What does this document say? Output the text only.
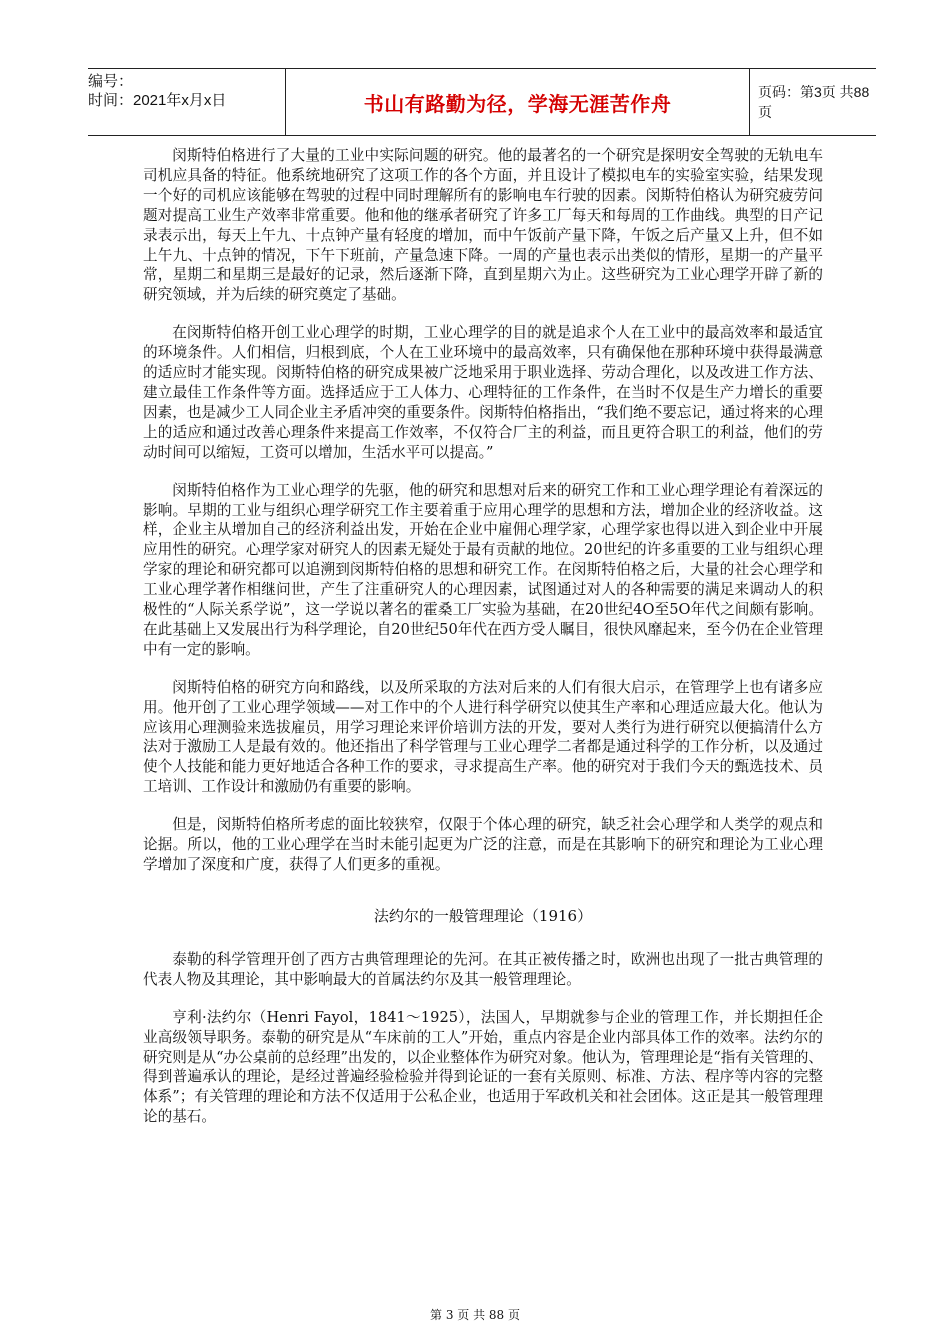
编号：
时间：2021年x月x日	书山有路勤为径，学海无涯苦作舟	页码：第3页 共88页

闵斯特伯格进行了大量的工业中实际问题的研究。他的最著名的一个研究是探明安全驾驶的无轨电车司机应具备的特征。他系统地研究了这项工作的各个方面，并且设计了模拟电车的实验室实验，结果发现一个好的司机应该能够在驾驶的过程中同时理解所有的影响电车行驶的因素。闵斯特伯格认为研究疲劳问题对提高工业生产效率非常重要。他和他的继承者研究了许多工厂每天和每周的工作曲线。典型的日产记录表示出，每天上午九、十点钟产量有轻度的增加，而中午饭前产量下降，午饭之后产量又上升，但不如上午九、十点钟的情况，下午下班前，产量急速下降。一周的产量也表示出类似的情形，星期一的产量平常，星期二和星期三是最好的记录，然后逐渐下降，直到星期六为止。这些研究为工业心理学开辟了新的研究领域，并为后续的研究奠定了基础。

在闵斯特伯格开创工业心理学的时期，工业心理学的目的就是追求个人在工业中的最高效率和最适宜的环境条件。人们相信，归根到底，个人在工业环境中的最高效率，只有确保他在那种环境中获得最满意的适应时才能实现。闵斯特伯格的研究成果被广泛地采用于职业选择、劳动合理化，以及改进工作方法、建立最佳工作条件等方面。选择适应于工人体力、心理特征的工作条件，在当时不仅是生产力增长的重要因素，也是减少工人同企业主矛盾冲突的重要条件。闵斯特伯格指出，“我们绝不要忘记，通过将来的心理上的适应和通过改善心理条件来提高工作效率，不仅符合厂主的利益，而且更符合职工的利益，他们的劳动时间可以缩短，工资可以增加，生活水平可以提高。”

闵斯特伯格作为工业心理学的先驱，他的研究和思想对后来的研究工作和工业心理学理论有着深远的影响。早期的工业与组织心理学研究工作主要着重于应用心理学的思想和方法，增加企业的经济收益。这样，企业主从增加自己的经济利益出发，开始在企业中雇佣心理学家，心理学家也得以进入到企业中开展应用性的研究。心理学家对研究人的因素无疑处于最有贡献的地位。20世纪的许多重要的工业与组织心理学家的理论和研究都可以追溯到闵斯特伯格的思想和研究工作。在闵斯特伯格之后，大量的社会心理学和工业心理学著作相继问世，产生了注重研究人的心理因素，试图通过对人的各种需要的满足来调动人的积极性的“人际关系学说”，这一学说以著名的霍桑工厂实验为基础，在20世纪4O至5O年代之间颇有影响。在此基础上又发展出行为科学理论，自20世纪50年代在西方受人瞩目，很快风靡起来，至今仍在企业管理中有一定的影响。

闵斯特伯格的研究方向和路线，以及所采取的方法对后来的人们有很大启示，在管理学上也有诸多应用。他开创了工业心理学领域——对工作中的个人进行科学研究以使其生产率和心理适应最大化。他认为应该用心理测验来选拔雇员，用学习理论来评价培训方法的开发，要对人类行为进行研究以便搞清什么方法对于激励工人是最有效的。他还指出了科学管理与工业心理学二者都是通过科学的工作分析，以及通过使个人技能和能力更好地适合各种工作的要求，寻求提高生产率。他的研究对于我们今天的甄选技术、员工培训、工作设计和激励仍有重要的影响。

但是，闵斯特伯格所考虑的面比较狭窄，仅限于个体心理的研究，缺乏社会心理学和人类学的观点和论据。所以，他的工业心理学在当时未能引起更为广泛的注意，而是在其影响下的研究和理论为工业心理学增加了深度和广度，获得了人们更多的重视。

法约尔的一般管理理论（1916）

泰勒的科学管理开创了西方古典管理理论的先河。在其正被传播之时，欧洲也出现了一批古典管理的代表人物及其理论，其中影响最大的首属法约尔及其一般管理理论。

亨利·法约尔（Henri Fayol，1841～1925），法国人，早期就参与企业的管理工作，并长期担任企业高级领导职务。泰勒的研究是从“车床前的工人”开始，重点内容是企业内部具体工作的效率。法约尔的研究则是从“办公桌前的总经理”出发的，以企业整体作为研究对象。他认为，管理理论是“指有关管理的、得到普遍承认的理论，是经过普遍经验检验并得到论证的一套有关原则、标准、方法、程序等内容的完整体系”；有关管理的理论和方法不仅适用于公私企业，也适用于军政机关和社会团体。这正是其一般管理理论的基石。

第 3 页 共 88 页
